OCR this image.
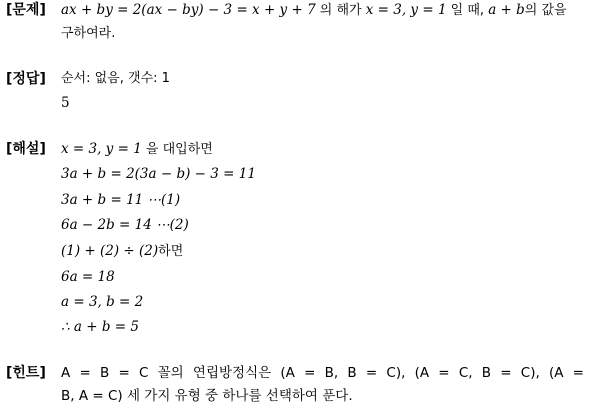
[문제] ax + by = 2(ax − by) − 3 = x + y + 7 의 해가 x = 3, y = 1 일 때, a + b의 값을
구하여라.
[정답] 순서: 없음, 갯수: 1
5
[해설] x = 3, y = 1 을 대입하면
3a + b = 2(3a − b) − 3 = 11
3a + b = 11 ⋯(1)
6a − 2b = 14 ⋯(2)
(1) + (2) ÷ (2)하면
6a = 18
a = 3, b = 2
∴ a + b = 5
[힌트] A = B = C 꼴의 연립방정식은 (A = B, B = C), (A = C, B = C), (A =
B, A = C) 세 가지 유형 중 하나를 선택하여 푼다.
